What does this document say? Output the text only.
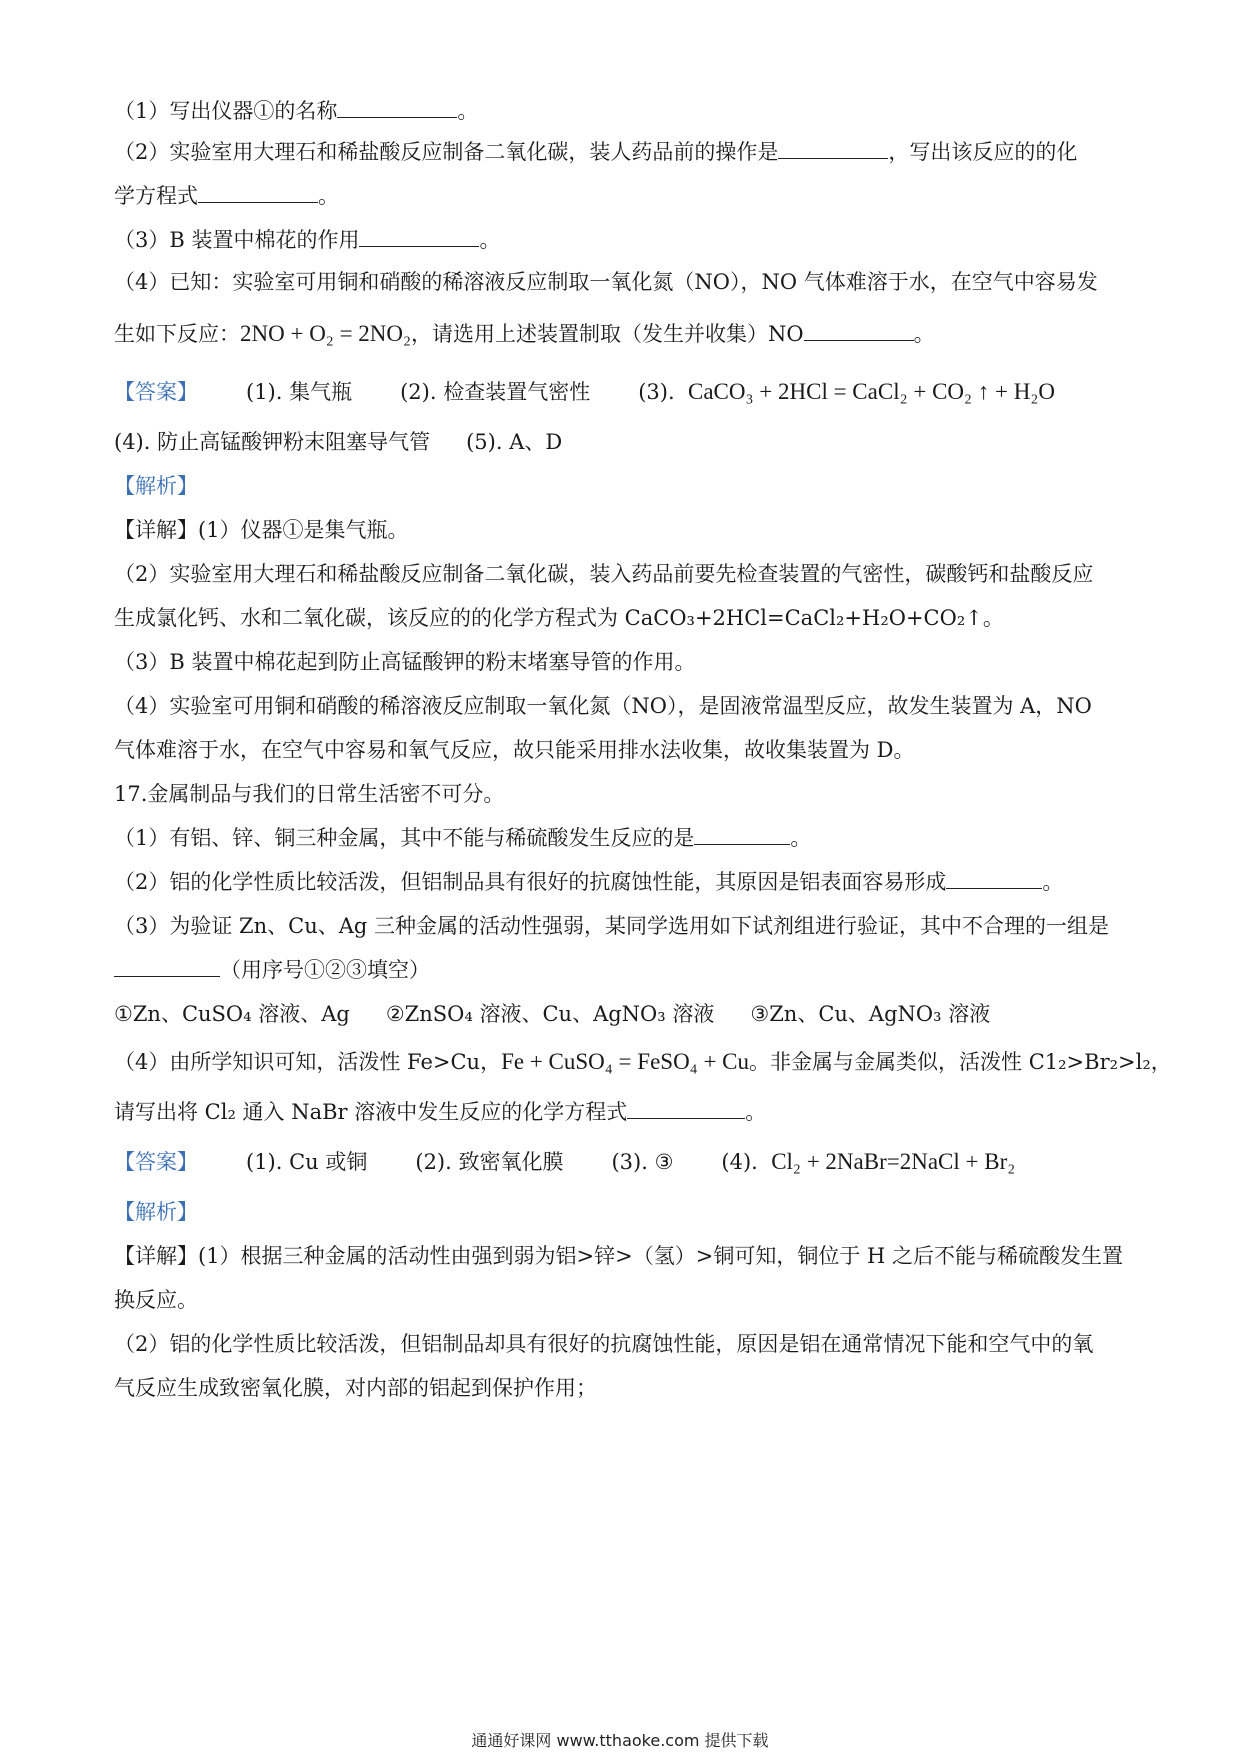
（1）写出仪器①的名称	。
（2）实验室用大理石和稀盐酸反应制备二氧化碳，装人药品前的操作是	，写出该反应的的化
学方程式	。
（3）B 装置中棉花的作用	。
（4）已知：实验室可用铜和硝酸的稀溶液反应制取一氧化氮（NO），NO 气体难溶于水，在空气中容易发
生如下反应：2NO + O₂ = 2NO₂，请选用上述装置制取（发生并收集）NO	。
【答案】 (1). 集气瓶 (2). 检查装置气密性 (3). CaCO₃ + 2HCl = CaCl₂ + CO₂ ↑ + H₂O
(4). 防止高锰酸钾粉末阻塞导气管 (5). A、D
【解析】
【详解】(1）仪器①是集气瓶。
（2）实验室用大理石和稀盐酸反应制备二氧化碳，装入药品前要先检查装置的气密性，碳酸钙和盐酸反应
生成氯化钙、水和二氧化碳，该反应的的化学方程式为 CaCO₃+2HCl=CaCl₂+H₂O+CO₂↑。
（3）B 装置中棉花起到防止高锰酸钾的粉末堵塞导管的作用。
（4）实验室可用铜和硝酸的稀溶液反应制取一氧化氮（NO），是固液常温型反应，故发生装置为 A，NO
气体难溶于水，在空气中容易和氧气反应，故只能采用排水法收集，故收集装置为 D。
17.金属制品与我们的日常生活密不可分。
（1）有铝、锌、铜三种金属，其中不能与稀硫酸发生反应的是	。
（2）铝的化学性质比较活泼，但铝制品具有很好的抗腐蚀性能，其原因是铝表面容易形成	。
（3）为验证 Zn、Cu、Ag 三种金属的活动性强弱，某同学选用如下试剂组进行验证，其中不合理的一组是
（用序号①②③填空）
①Zn、CuSO₄ 溶液、Ag ②ZnSO₄ 溶液、Cu、AgNO₃ 溶液 ③Zn、Cu、AgNO₃ 溶液
（4）由所学知识可知，活泼性 Fe>Cu，Fe + CuSO₄ = FeSO₄ + Cu。非金属与金属类似，活泼性 C1₂>Br₂>l₂，
请写出将 Cl₂ 通入 NaBr 溶液中发生反应的化学方程式	。
【答案】 (1). Cu 或铜 (2). 致密氧化膜 (3). ③ (4). Cl₂ + 2NaBr=2NaCl + Br₂
【解析】
【详解】(1）根据三种金属的活动性由强到弱为铝>锌>（氢）>铜可知，铜位于 H 之后不能与稀硫酸发生置
换反应。
（2）铝的化学性质比较活泼，但铝制品却具有很好的抗腐蚀性能，原因是铝在通常情况下能和空气中的氧
气反应生成致密氧化膜，对内部的铝起到保护作用；
通通好课网 www.tthaoke.com 提供下载
